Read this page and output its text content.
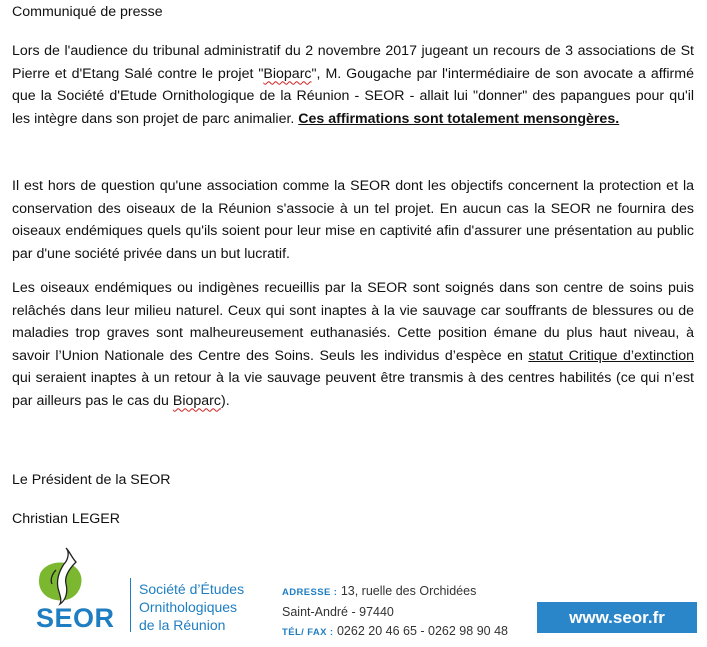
Communiqué de presse

Lors de l'audience du tribunal administratif du 2 novembre 2017 jugeant un recours de 3 associations de St Pierre et d'Etang Salé contre le projet "Bioparc", M. Gougache par l'intermédiaire de son avocate a affirmé que la Société d'Etude Ornithologique de la Réunion - SEOR - allait lui "donner" des papangues pour qu'il les intègre dans son projet de parc animalier. Ces affirmations sont totalement mensongères.

Il est hors de question qu'une association comme la SEOR dont les objectifs concernent la protection et la conservation des oiseaux de la Réunion s'associe à un tel projet. En aucun cas la SEOR ne fournira des oiseaux endémiques quels qu'ils soient pour leur mise en captivité afin d'assurer une présentation au public par d'une société privée dans un but lucratif.

Les oiseaux endémiques ou indigènes recueillis par la SEOR sont soignés dans son centre de soins puis relâchés dans leur milieu naturel. Ceux qui sont inaptes à la vie sauvage car souffrants de blessures ou de maladies trop graves sont malheureusement euthanasiés. Cette position émane du plus haut niveau, à savoir l’Union Nationale des Centre des Soins. Seuls les individus d’espèce en statut Critique d’extinction qui seraient inaptes à un retour à la vie sauvage peuvent être transmis à des centres habilités (ce qui n’est par ailleurs pas le cas du Bioparc).

Le Président de la SEOR
Christian LEGER
SEOR
Société d’Études
Ornithologiques
de la Réunion
ADRESSE : 13, ruelle des Orchidées
Saint-André - 97440
TÉL/ FAX : 0262 20 46 65 - 0262 98 90 48
www.seor.fr
